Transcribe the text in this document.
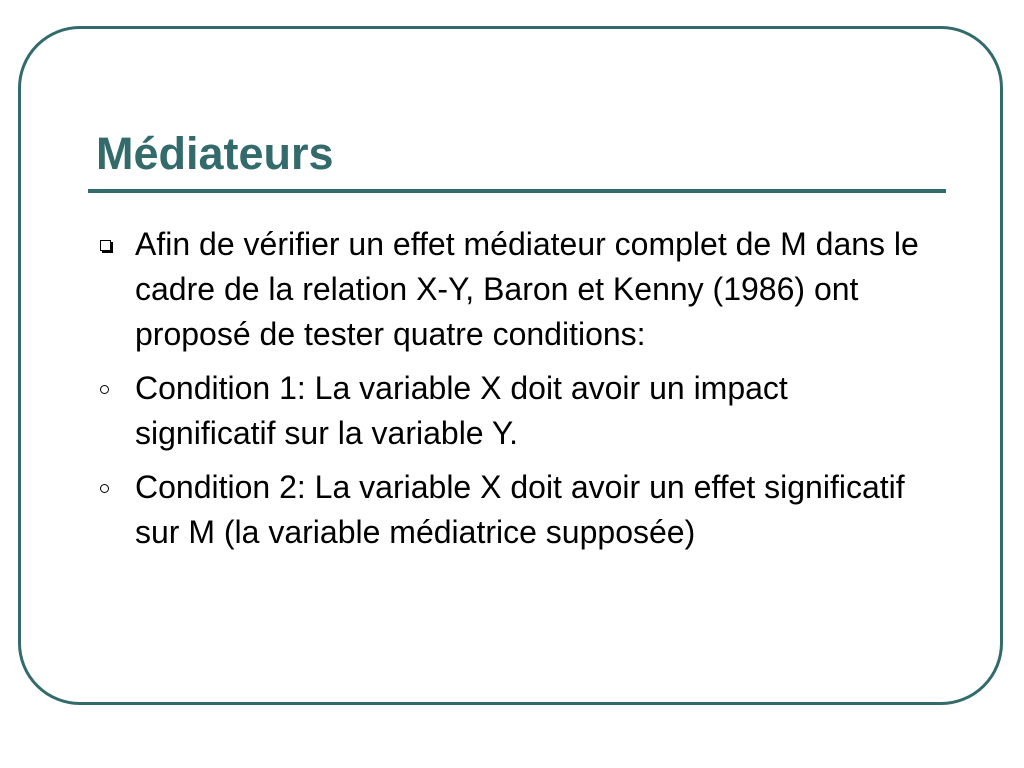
Médiateurs
Afin de vérifier un effet médiateur complet de M dans le cadre de la relation X-Y, Baron et Kenny (1986) ont proposé de tester quatre conditions:
Condition 1: La variable X doit avoir un impact significatif sur la variable Y.
Condition 2: La variable X doit avoir un effet significatif sur M (la variable médiatrice supposée)
